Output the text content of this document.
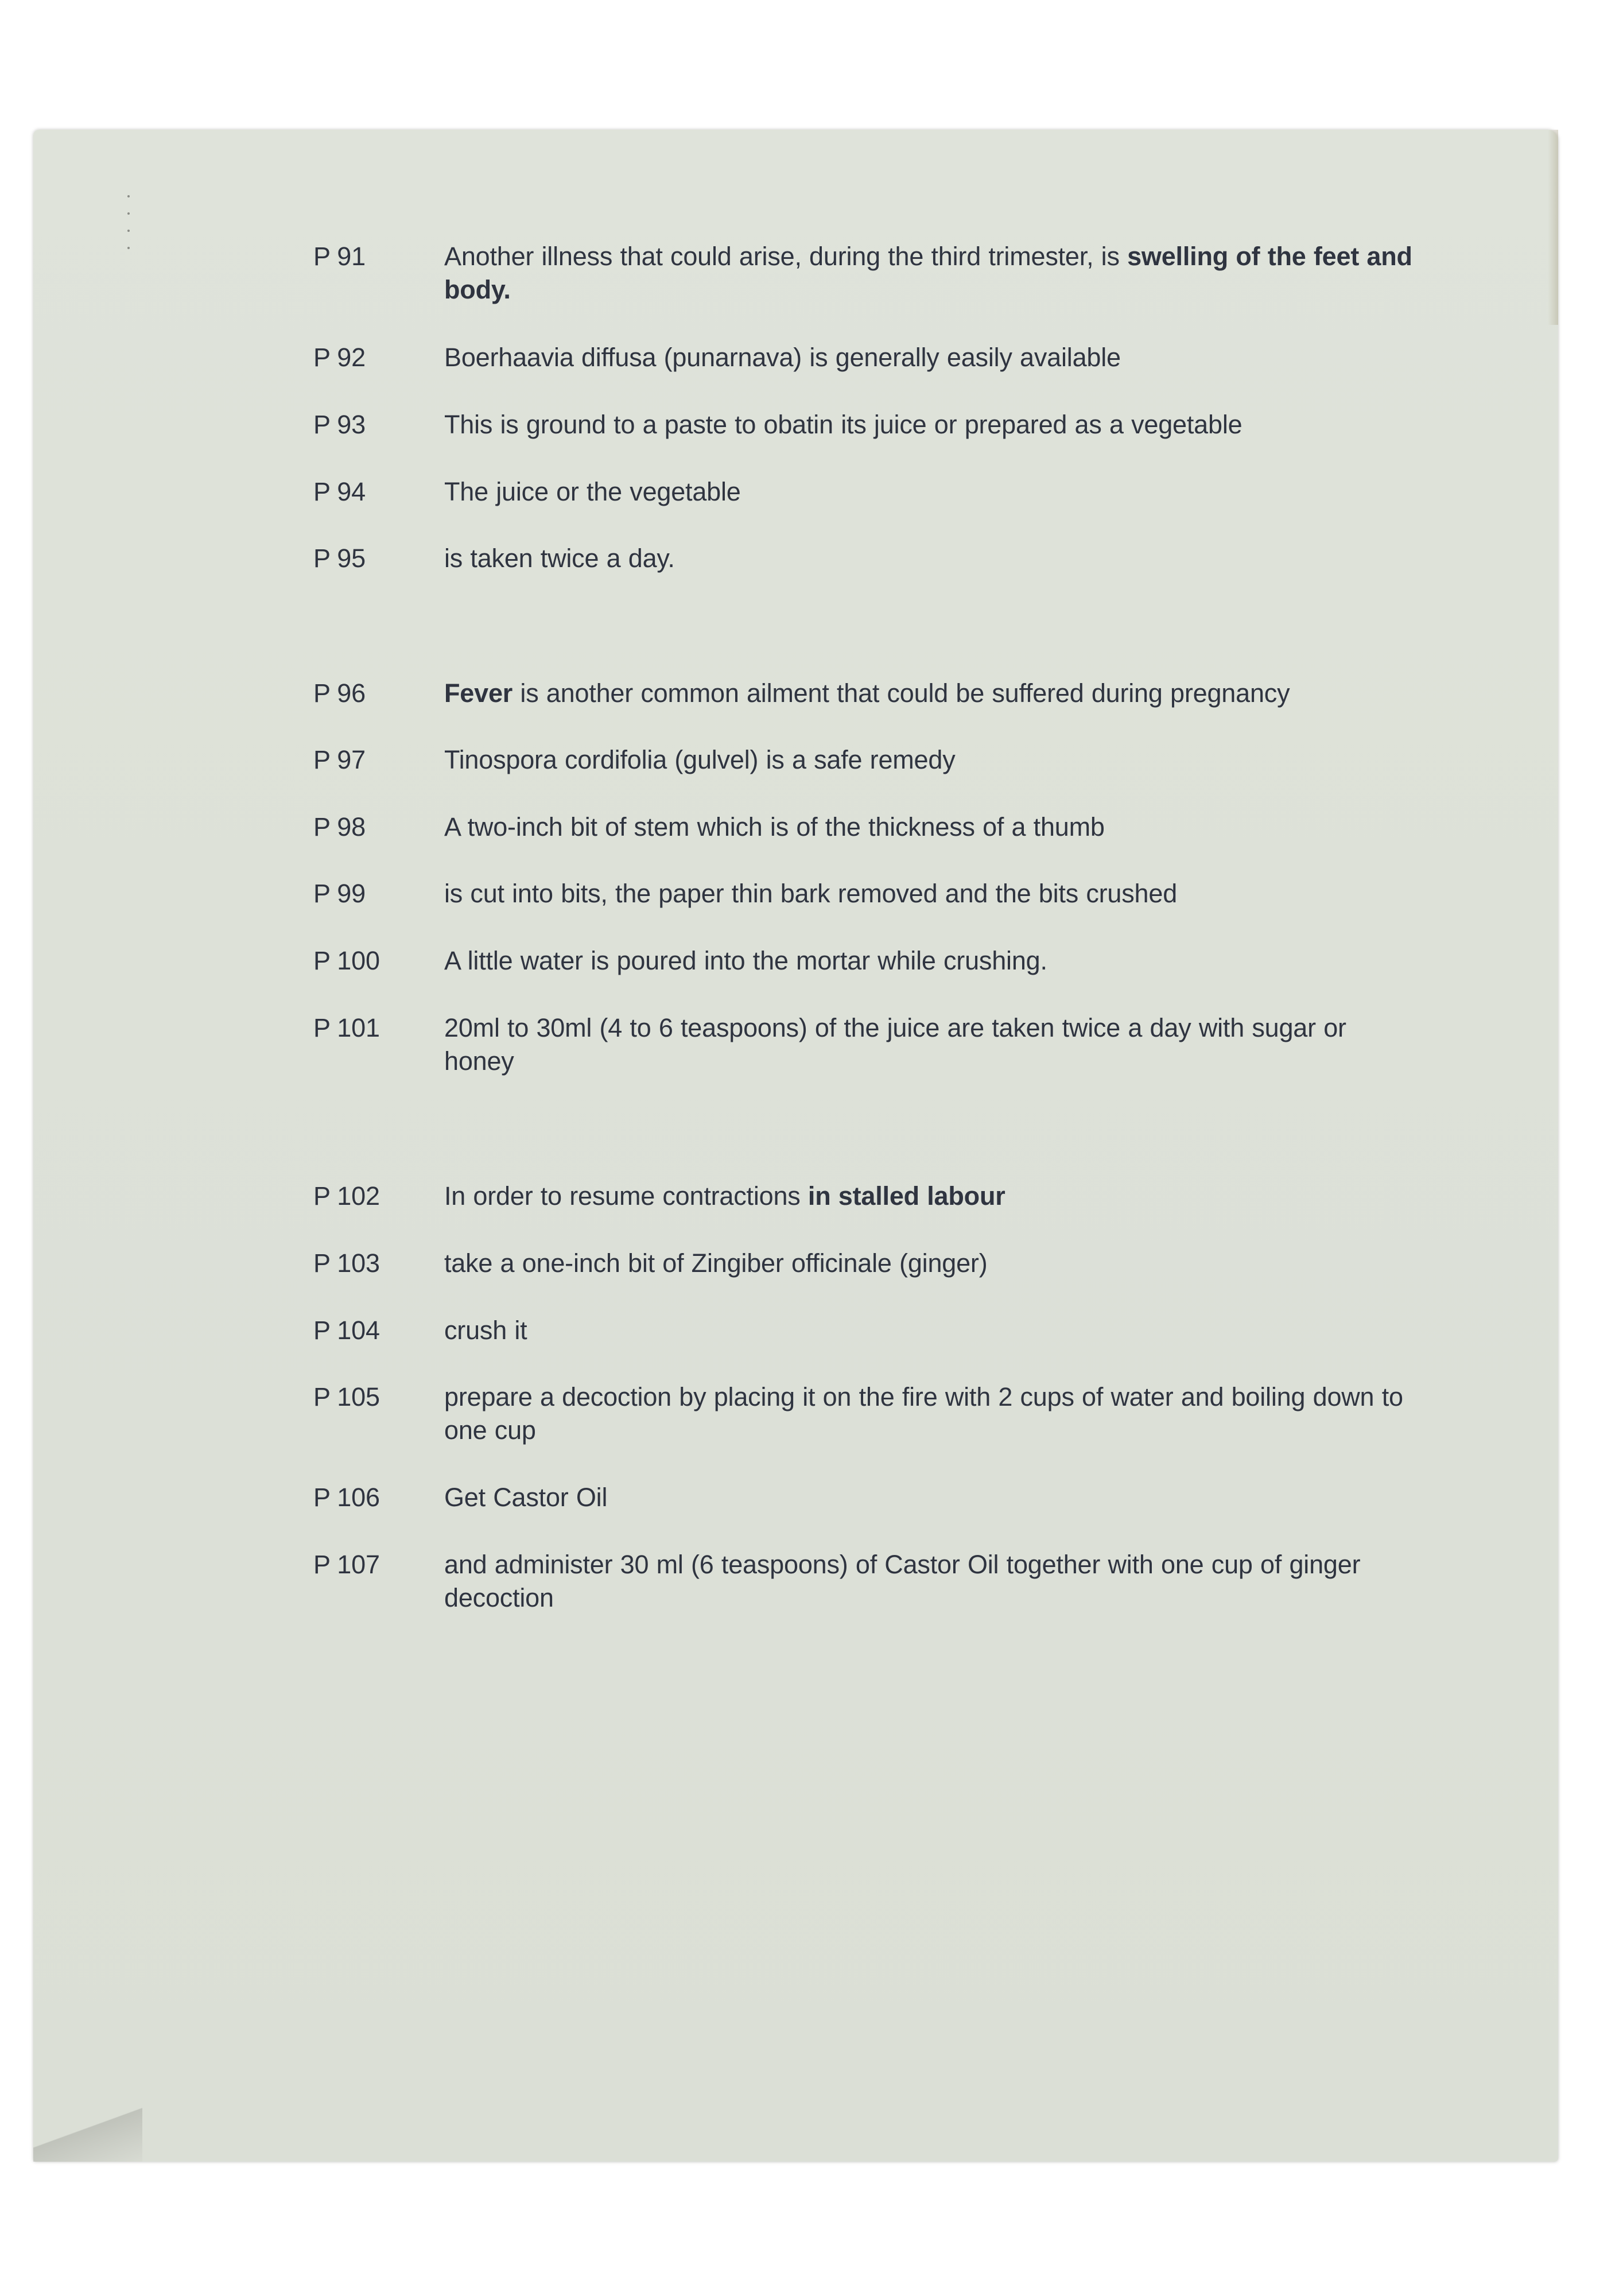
P 91	Another illness that could arise, during the third trimester, is swelling of the feet and body.
P 92	Boerhaavia diffusa (punarnava) is generally easily available
P 93	This is ground to a paste to obatin its juice or prepared as a vegetable
P 94	The juice or the vegetable
P 95	is taken twice a day.
P 96	Fever is another common ailment that could be suffered during pregnancy
P 97	Tinospora cordifolia (gulvel) is a safe remedy
P 98	A two-inch bit of stem which is of the thickness of a thumb
P 99	is cut into bits, the paper thin bark removed and the bits crushed
P 100	A little water is poured into the mortar while crushing.
P 101	20ml to 30ml (4 to 6 teaspoons) of the juice are taken twice a day with sugar or honey
P 102	In order to resume contractions in stalled labour
P 103	take a one-inch bit of Zingiber officinale (ginger)
P 104	crush it
P 105	prepare a decoction by placing it on the fire with 2 cups of water and boiling down to one cup
P 106	Get Castor Oil
P 107	and administer 30 ml (6 teaspoons) of Castor Oil together with one cup of ginger decoction
